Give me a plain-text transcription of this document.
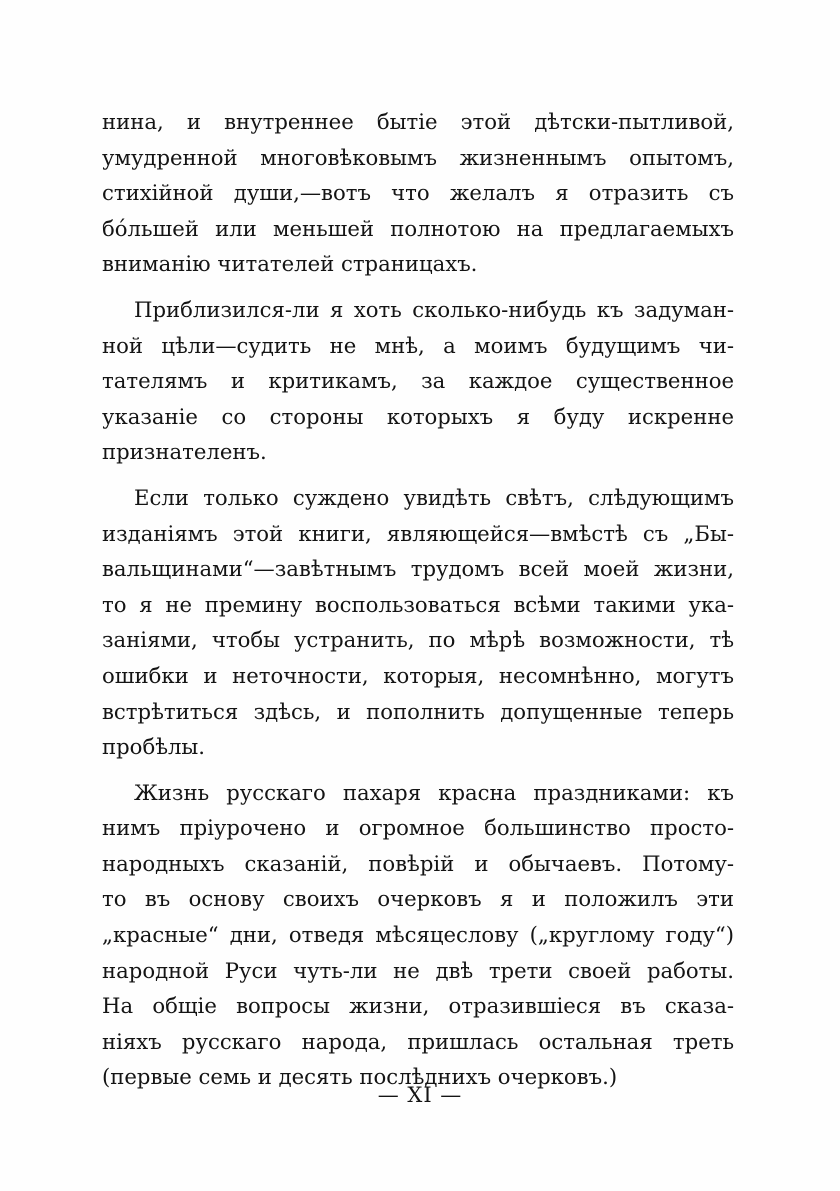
нина, и внутреннее бытiе этой дѣтски-пытливой,
умудренной многовѣковымъ жизненнымъ опытомъ,
стихiйной души,—вотъ что желалъ я отразить съ
бо́льшей или меньшей полнотою на предлагаемыхъ
вниманiю читателей страницахъ.
Приблизился-ли я хоть сколько-нибудь къ задуман-
ной цѣли—судить не мнѣ, а моимъ будущимъ чи-
тателямъ и критикамъ, за каждое существенное
указанiе со стороны которыхъ я буду искренне
признателенъ.
Если только суждено увидѣть свѣтъ, слѣдующимъ
изданiямъ этой книги, являющейся—вмѣстѣ съ „Бы-
вальщинами“—завѣтнымъ трудомъ всей моей жизни,
то я не премину воспользоваться всѣми такими ука-
занiями, чтобы устранить, по мѣрѣ возможности, тѣ
ошибки и неточности, которыя, несомнѣнно, могутъ
встрѣтиться здѣсь, и пополнить допущенные теперь
пробѣлы.
Жизнь русскаго пахаря красна праздниками: къ
нимъ прiурочено и огромное большинство просто-
народныхъ сказанiй, повѣрiй и обычаевъ. Потому-
то въ основу своихъ очерковъ я и положилъ эти
„красные“ дни, отведя мѣсяцеслову („круглому году“)
народной Руси чуть-ли не двѣ трети своей работы.
На общiе вопросы жизни, отразившiеся въ сказа-
нiяхъ русскаго народа, пришлась остальная треть
(первые семь и десять послѣднихъ очерковъ.)
— XI —
